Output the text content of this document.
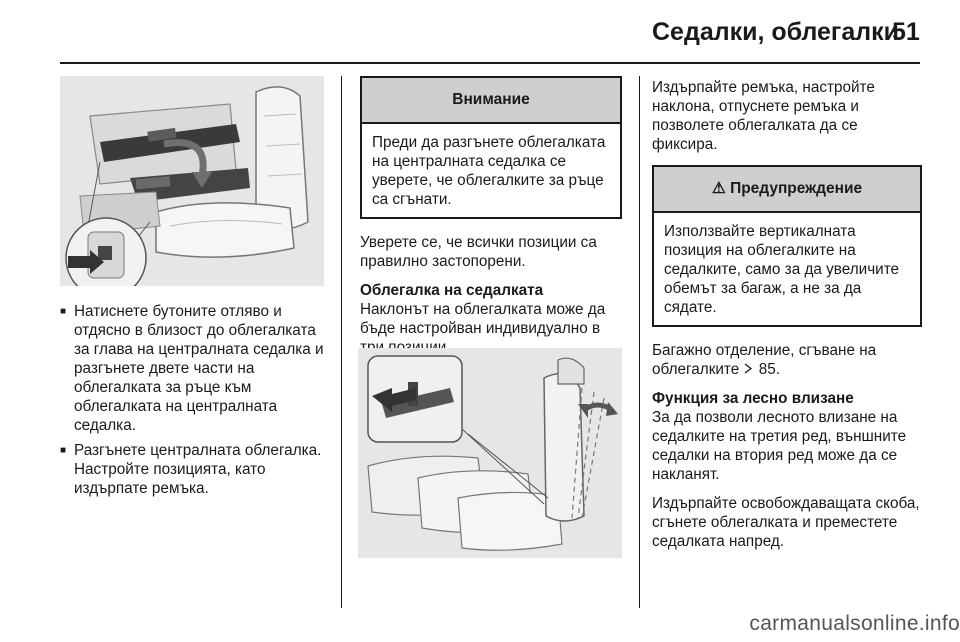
Седалки, облегалки
51
■ Натиснете бутоните отляво и отдясно в близост до облегалката за глава на централната седалка и разгънете двете части на облегалката за ръце към облегалката на централната седалка.
■ Разгънете централната облегалка. Настройте позицията, като издърпате ремъка.
Внимание
Преди да разгънете облегалката на централната седалка се уверете, че облегалките за ръце са сгънати.

Уверете се, че всички позиции са правилно застопорени.

Облегалка на седалката

Наклонът на облегалката може да бъде настройван индивидуално в

Издърпайте ремъка, настройте наклона, отпуснете ремъка и позволете облегалката да се фиксира.

⚠ Предупреждение
Използвайте вертикалната позиция на облегалките на седалките, само за да увеличите обемът за багаж, а не за да сядате.

Багажно отделение, сгъване на облегалките 85.

Функция за лесно влизане

За да позволи лесното влизане на седалките на третия ред, външните седалки на втория ред може да се накланят.

Издърпайте освобождаващата скоба, сгънете облегалката и преместете седалката напред.

carmanualsonline.info
